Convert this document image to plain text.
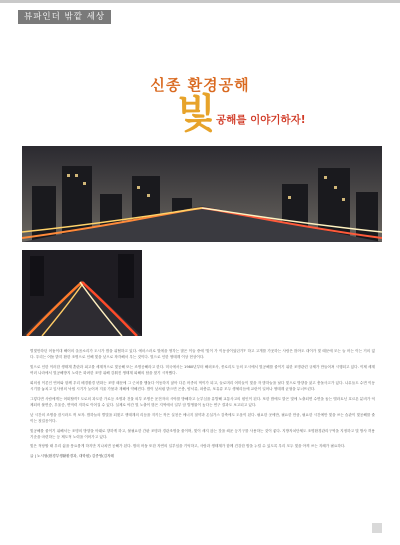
뷰파인더 밖깥 세상
신종 환경공해
빛 공해를 이야기하자!

별빛만하던 어둠이대 해어의 올음소리가 도시가 밤을 위협하고 있다. 에마스러로 빛에을 생각는 많은 이들 중에 '빛이 가 이동상이었던가?' 하고 고개를 가웃하는 사람은 많아도 대이가 빛 때문에 모는 늘 어는 이는 거의 없다. 우리는 어둠 밝히 환한 조명으로 인해 빛을 낮으로 착각해서 우는 것이다. 빛으로 인한 생태계 이상 현상이다.

빛으로 인한 이러한 생태계 혼란과 피고를 세계적으로 빛공해 또는 조명공해라고 한다. 미국에서는 1980년부터 해외조사, 종로리도 등의 도시에서 빛공해를 줄이기 위한 조명관련 규제가 만들어져 시행되고 있다. 이제 세계 여러 나라에서 빛공해방지 노력은 화려한 조명 위해 감춰진 생태계 피해의 답을 찾기 시작했다.

회의성 이론인 연어와 함께 우리 배경환경 변화는 조명 때문에 그 근처를 맴돌다 이동하지 않아 다른 어종의 먹이가 되고, 들로머리 어미들이 빛을 자 밤하늘을 날다 빛으로 방향을 잃고 충돌사고가 있다. 나무들도 수면 이동 시기를 놓치고 잎사귀의 낙엽 시기가 늦어져 겨울 가뭄과 재해에 약해진다. 밤이 낮처럼 밝으면 곤충, 양서류, 파충류, 포유류 모두 생체리듬에 교란이 일어나 생태계 균형을 무너뜨린다.

그렇다면 사람에게는 어떠할까? 도로의 과도한 가로등 조명과 건물 외부 조명은 운전자의 시야를 방해하고 눈부심을 유발해 교통사고의 원인이 된다. 또한 밤에도 밝은 빛에 노출되면 수면을 돕는 멜라토닌 호르몬 분비가 억제되어 불면증, 우울증, 면역력 저하로 이어질 수 있다. 실제로 야간 빛 노출이 많은 지역에서 일부 암 발생률이 높다는 연구 결과도 보고되고 있다.

낮 시간의 조명을 잠시라도 꺼 보자. 밤하늘의 별빛을 되찾고 생태계의 리듬을 지키는 작은 실천은 에너지 절약과 온실가스 감축에도 도움이 된다. 필요한 곳에만, 필요한 만큼, 필요한 시간에만 빛을 쓰는 습관이 빛공해를 줄이는 첫걸음이다.

빛공해를 줄이기 위해서는 조명의 방향을 아래로 향하게 하고, 불필요한 간판 조명과 경관조명을 줄이며, 빛이 새지 않는 갓을 씌운 등기구를 사용하는 것이 좋다. 지방자치단체도 조명환경관리구역을 지정하고 빛 방사 허용기준을 마련하는 등 제도적 노력을 이어가고 있다.

빛은 적당할 때 우리 삶을 풍요롭게 하지만 지나치면 공해가 된다. 밤의 어둠 또한 자연의 일부임을 기억하고, 사람과 생태계가 함께 건강한 밤을 누릴 수 있도록 우리 모두 빛을 아껴 쓰는 지혜가 필요하다.

글 | 노시형(환경부생활환경과, 대학원) 김종영(김자레
